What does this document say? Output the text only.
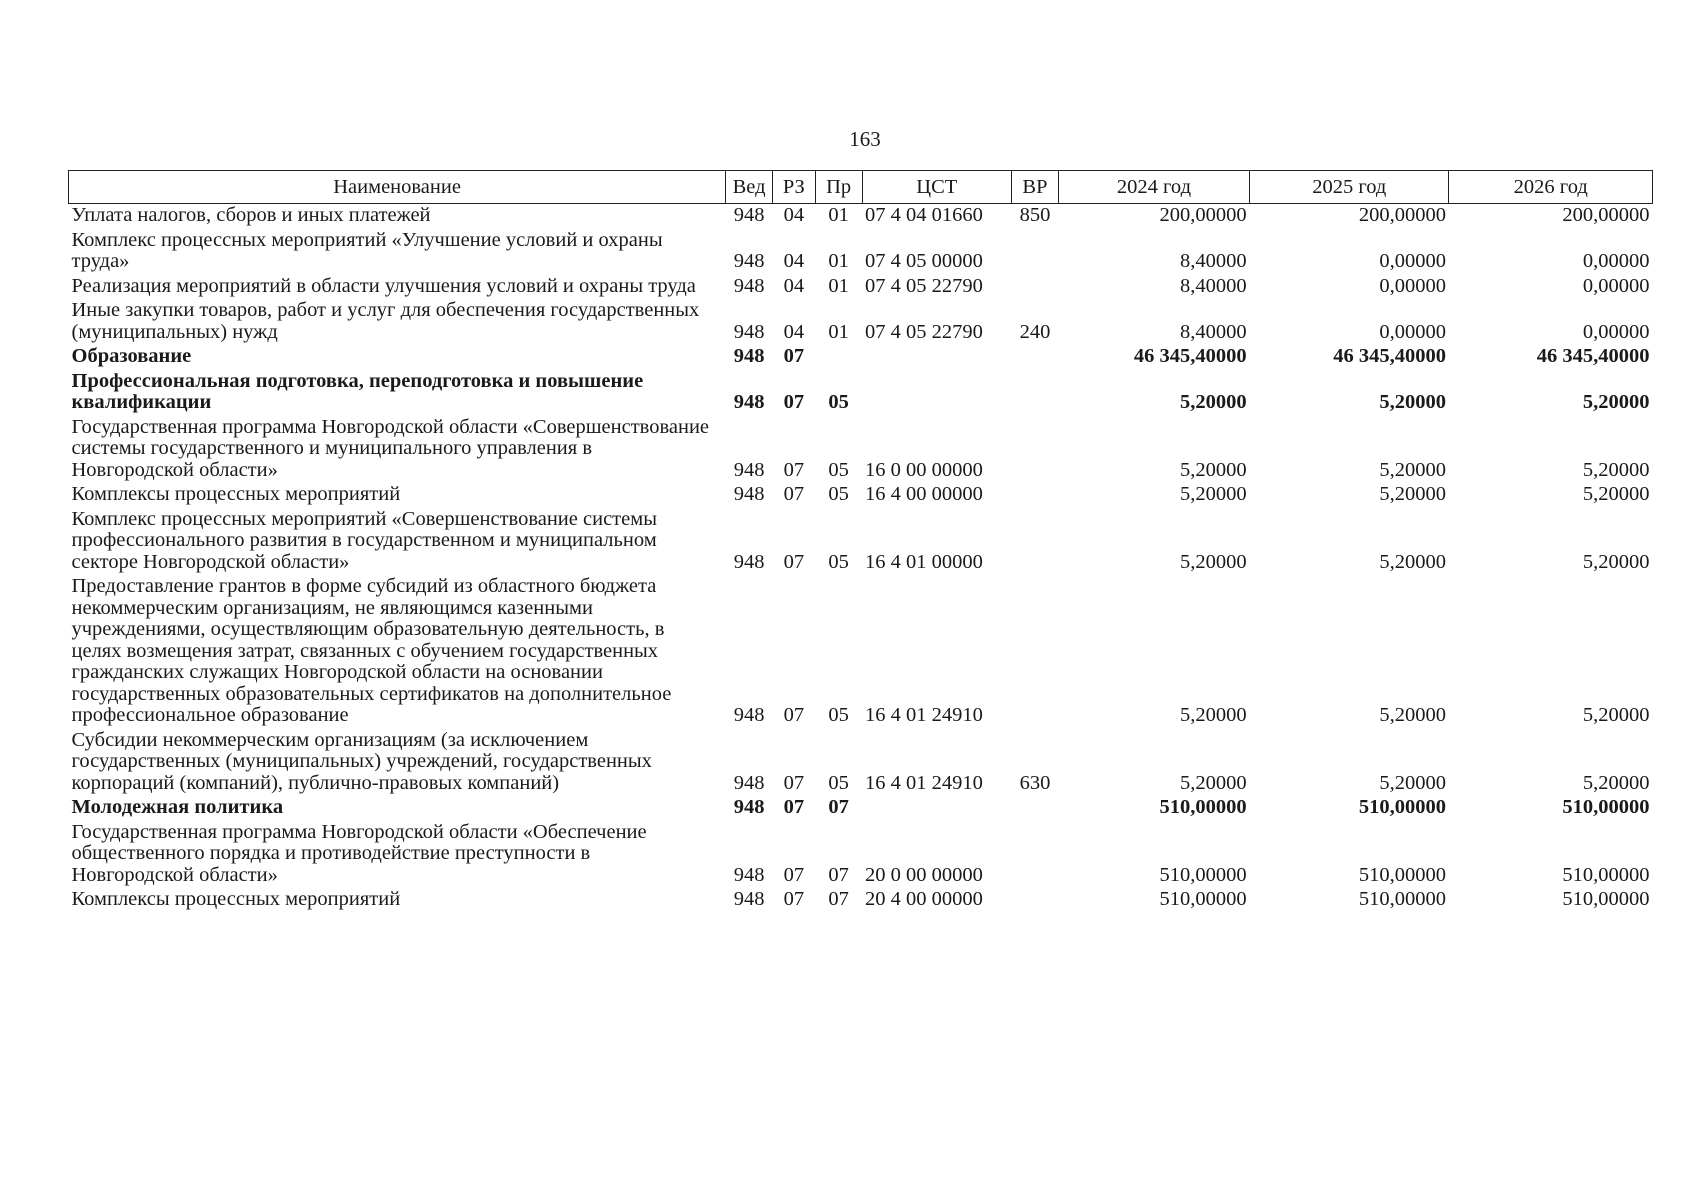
163
Наименование	Вед	РЗ	Пр	ЦСТ	ВР	2024 год	2025 год	2026 год
Уплата налогов, сборов и иных платежей	948	04	01	07 4 04 01660	850	200,00000	200,00000	200,00000
Комплекс процессных мероприятий «Улучшение условий и охраны труда»	948	04	01	07 4 05 00000		8,40000	0,00000	0,00000
Реализация мероприятий в области улучшения условий и охраны труда	948	04	01	07 4 05 22790		8,40000	0,00000	0,00000
Иные закупки товаров, работ и услуг для обеспечения государственных (муниципальных) нужд	948	04	01	07 4 05 22790	240	8,40000	0,00000	0,00000
Образование	948	07				46 345,40000	46 345,40000	46 345,40000
Профессиональная подготовка, переподготовка и повышение квалификации	948	07	05			5,20000	5,20000	5,20000
Государственная программа Новгородской области «Совершенствование системы государственного и муниципального управления в Новгородской области»	948	07	05	16 0 00 00000		5,20000	5,20000	5,20000
Комплексы процессных мероприятий	948	07	05	16 4 00 00000		5,20000	5,20000	5,20000
Комплекс процессных мероприятий «Совершенствование системы профессионального развития в государственном и муниципальном секторе Новгородской области»	948	07	05	16 4 01 00000		5,20000	5,20000	5,20000
Предоставление грантов в форме субсидий из областного бюджета некоммерческим организациям, не являющимся казенными учреждениями, осуществляющим образовательную деятельность, в целях возмещения затрат, связанных с обучением государственных гражданских служащих Новгородской области на основании государственных образовательных сертификатов на дополнительное профессиональное образование	948	07	05	16 4 01 24910		5,20000	5,20000	5,20000
Субсидии некоммерческим организациям (за исключением государственных (муниципальных) учреждений, государственных корпораций (компаний), публично-правовых компаний)	948	07	05	16 4 01 24910	630	5,20000	5,20000	5,20000
Молодежная политика	948	07	07			510,00000	510,00000	510,00000
Государственная программа Новгородской области «Обеспечение общественного порядка и противодействие преступности в Новгородской области»	948	07	07	20 0 00 00000		510,00000	510,00000	510,00000
Комплексы процессных мероприятий	948	07	07	20 4 00 00000		510,00000	510,00000	510,00000
